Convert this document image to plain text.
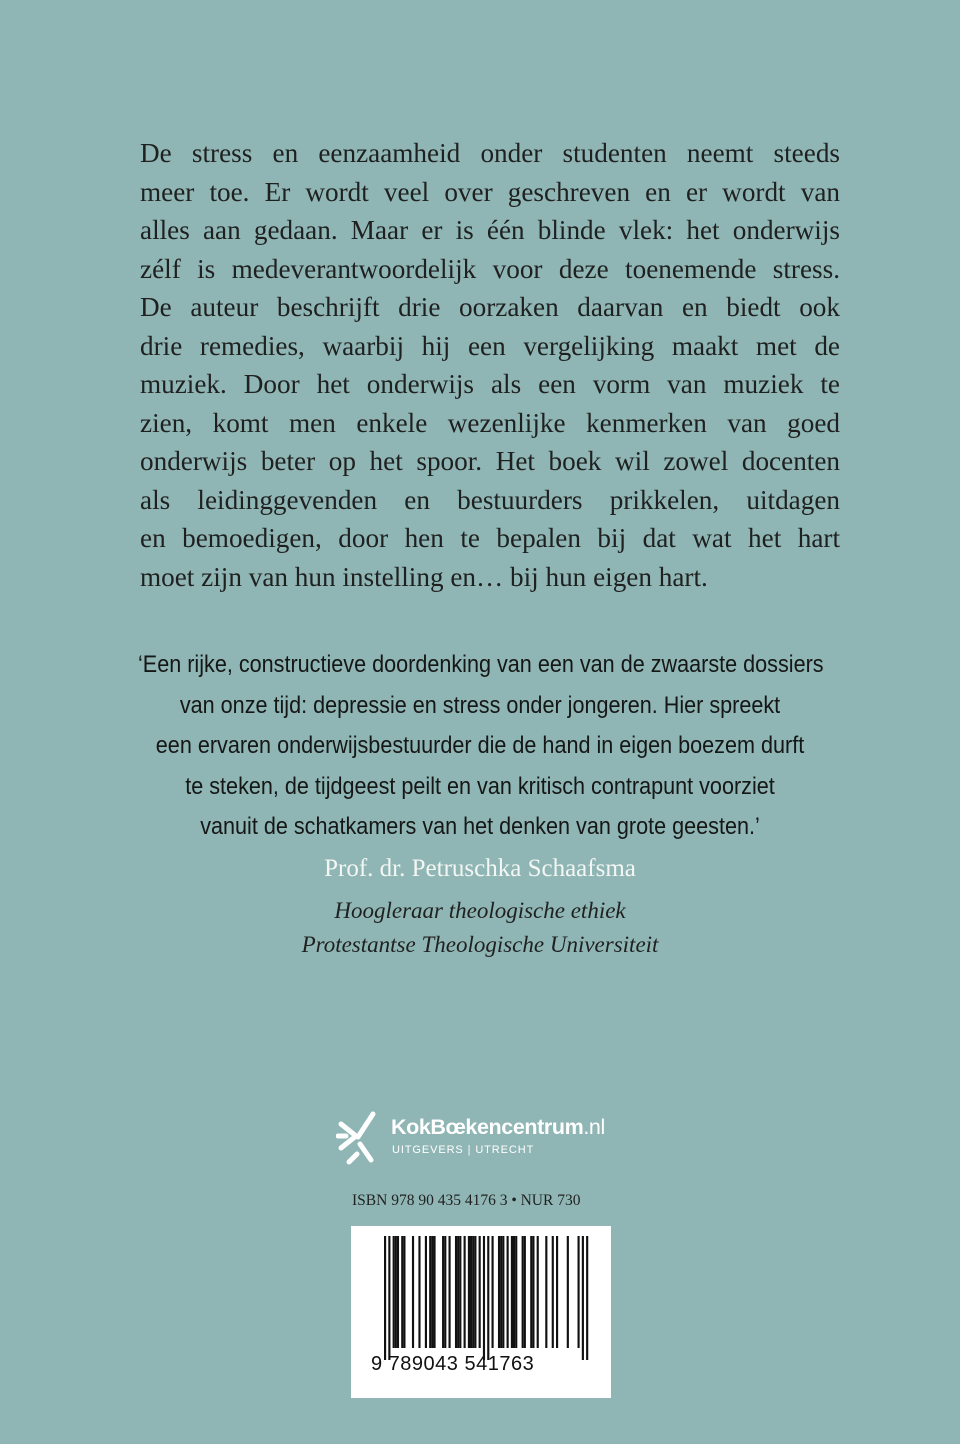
De stress en eenzaamheid onder studenten neemt steeds
meer toe. Er wordt veel over geschreven en er wordt van
alles aan gedaan. Maar er is één blinde vlek: het onderwijs
zélf is medeverantwoordelijk voor deze toenemende stress.
De auteur beschrijft drie oorzaken daarvan en biedt ook
drie remedies, waarbij hij een vergelijking maakt met de
muziek. Door het onderwijs als een vorm van muziek te
zien, komt men enkele wezenlijke kenmerken van goed
onderwijs beter op het spoor. Het boek wil zowel docenten
als leidinggevenden en bestuurders prikkelen, uitdagen
en bemoedigen, door hen te bepalen bij dat wat het hart
moet zijn van hun instelling en… bij hun eigen hart.
‘Een rijke, constructieve doordenking van een van de zwaarste dossiers
van onze tijd: depressie en stress onder jongeren. Hier spreekt
een ervaren onderwijsbestuurder die de hand in eigen boezem durft
te steken, de tijdgeest peilt en van kritisch contrapunt voorziet
vanuit de schatkamers van het denken van grote geesten.’
Prof. dr. Petruschka Schaafsma
Hoogleraar theologische ethiek
Protestantse Theologische Universiteit
KokBœkencentrum.nl
UITGEVERS | UTRECHT
ISBN 978 90 435 4176 3 • NUR 730
9 789043 541763
